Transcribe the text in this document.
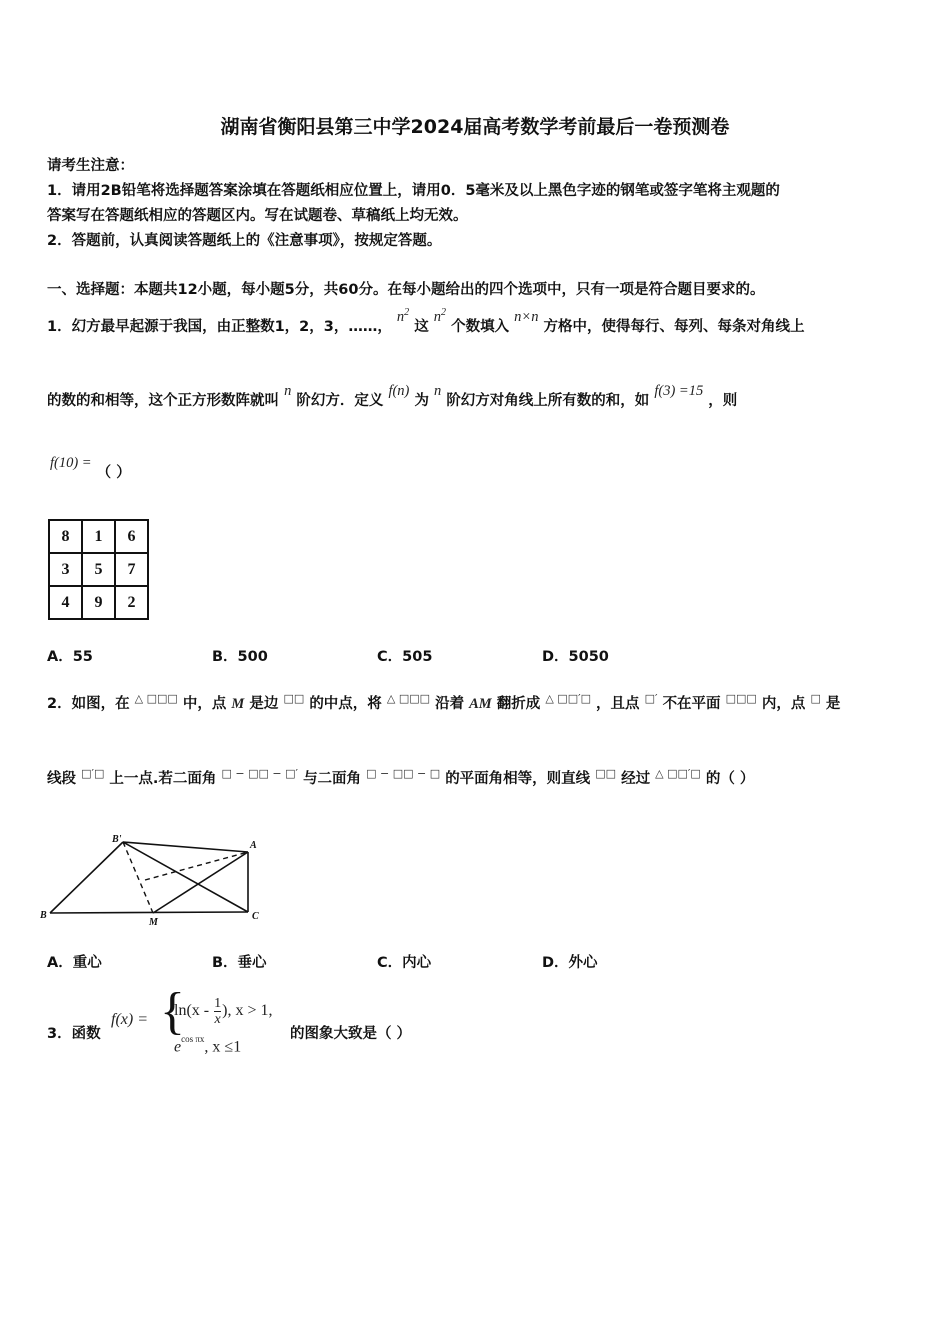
湖南省衡阳县第三中学2024届高考数学考前最后一卷预测卷
请考生注意：
1．请用2B铅笔将选择题答案涂填在答题纸相应位置上，请用0．5毫米及以上黑色字迹的钢笔或签字笔将主观题的
答案写在答题纸相应的答题区内。写在试题卷、草稿纸上均无效。
2．答题前，认真阅读答题纸上的《注意事项》，按规定答题。
一、选择题：本题共12小题，每小题5分，共60分。在每小题给出的四个选项中，只有一项是符合题目要求的。
1．幻方最早起源于我国，由正整数1，2，3，……， $n^2$ 这 $n^2$ 个数填入 n×n 方格中，使得每行、每列、每条对角线上
的数的和相等，这个正方形数阵就叫 n 阶幻方．定义 f(n) 为 n 阶幻方对角线上所有数的和，如 f(3) =15 ，则
f(10) = （ ）
8	1	6
3	5	7
4	9	2
A．55	B．500	C．505	D．5050
2．如图，在 △ □□□ 中，点 M 是边 □□ 的中点，将 △ □□□ 沿着 AM 翻折成 △ □□′□ ，且点 □′ 不在平面 □□□ 内，点 □ 是
线段 □′□ 上一点.若二面角 □ − □□ − □′ 与二面角 □ − □□ − □ 的平面角相等，则直线 □□ 经过 △ □□′□ 的（ ）
B'
A
B
M
C
A．重心	B．垂心	C．内心	D．外心
3．函数
f(x) = {
$\ln(x - \frac{1}{x}$ ), x > 1,
$e^{cos \pi x}$, x ≤1
的图象大致是（ ）
